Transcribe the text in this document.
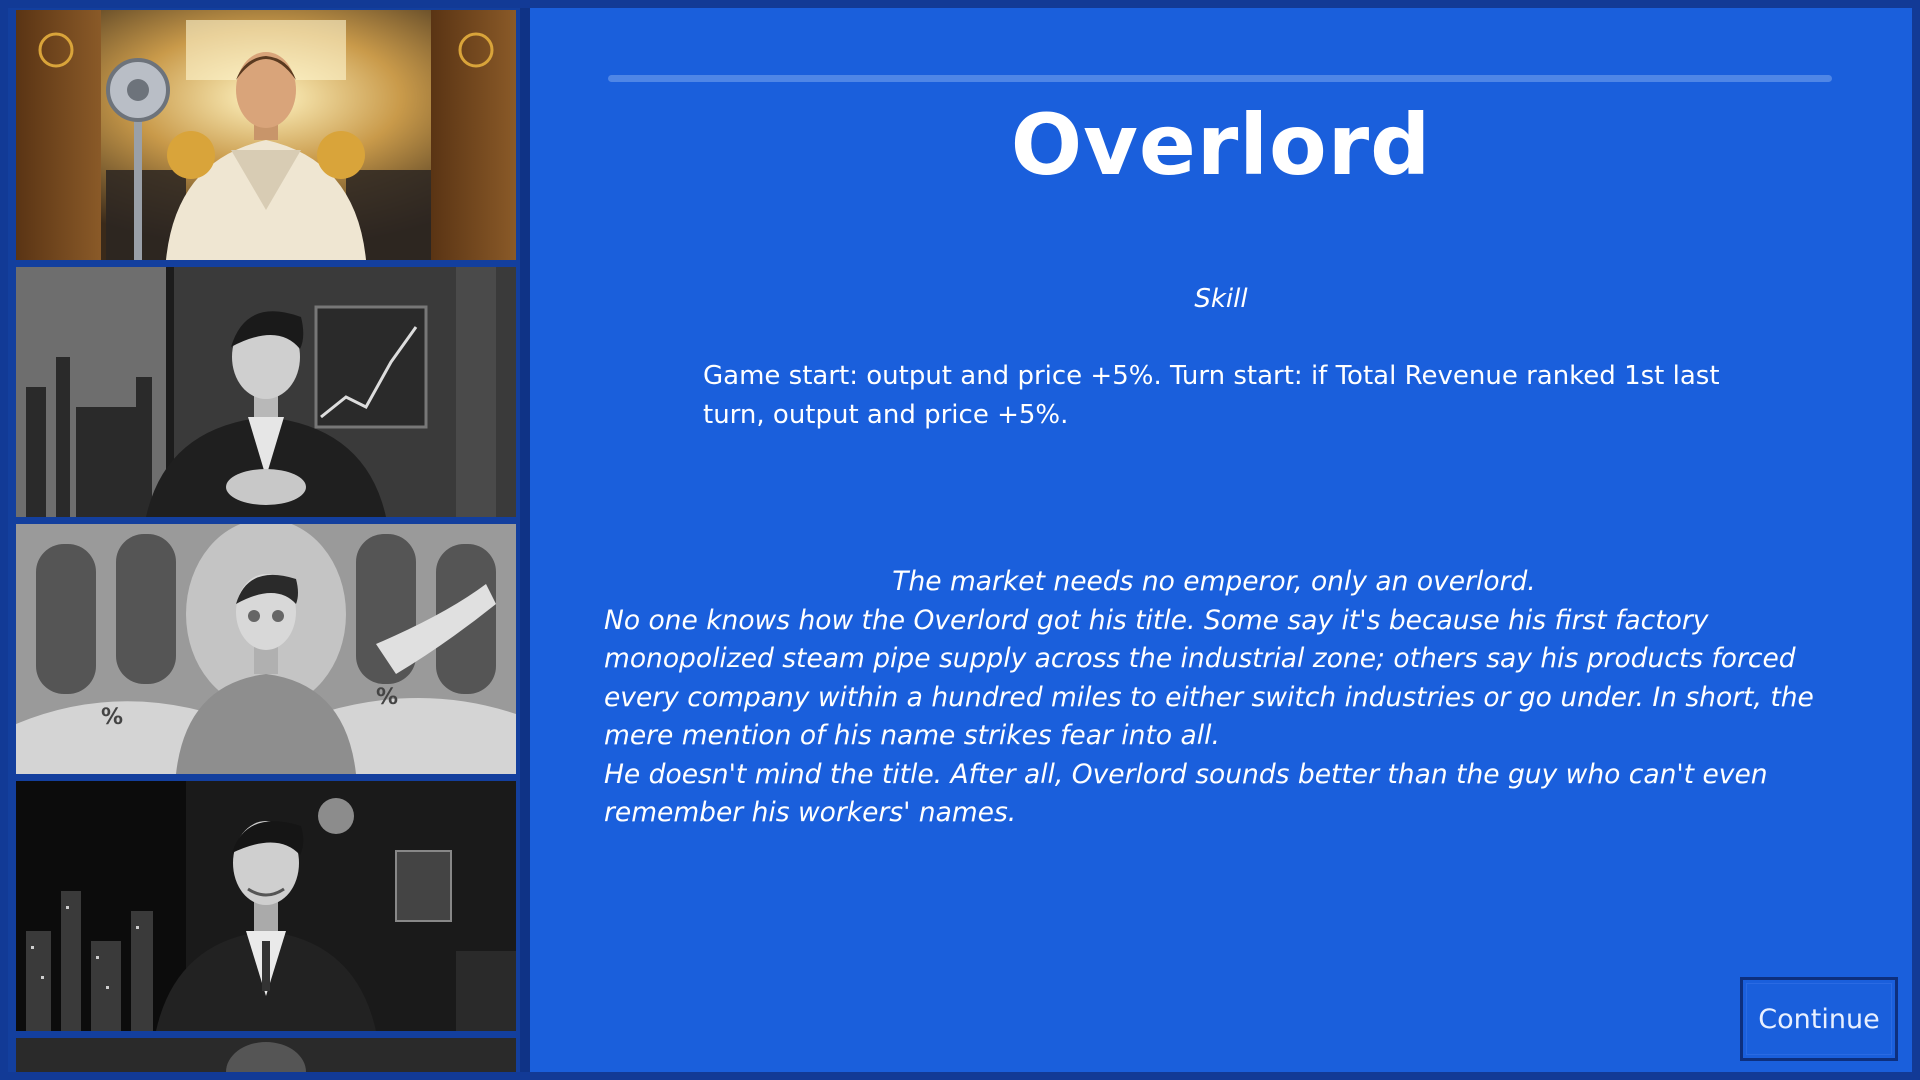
%
%
Overlord
Skill
Game start: output and price +5%. Turn start: if Total Revenue ranked 1st last turn, output and price +5%.
The market needs no emperor, only an overlord.
No one knows how the Overlord got his title. Some say it's because his first factory monopolized steam pipe supply across the industrial zone; others say his products forced every company within a hundred miles to either switch industries or go under. In short, the mere mention of his name strikes fear into all.
He doesn't mind the title. After all, Overlord sounds better than the guy who can't even remember his workers' names.
Continue
